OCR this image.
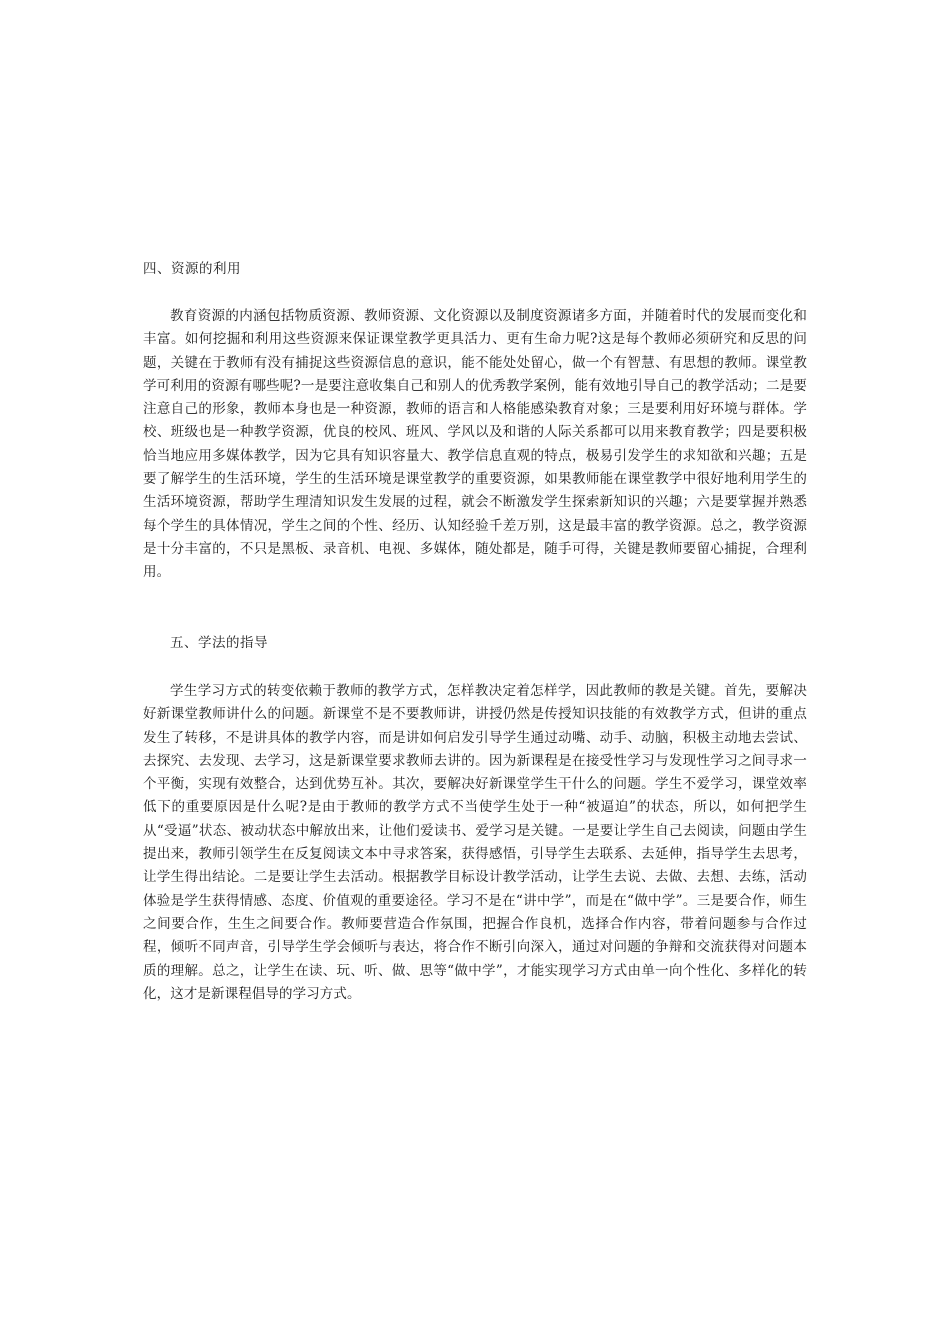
四、资源的利用

教育资源的内涵包括物质资源、教师资源、文化资源以及制度资源诸多方面，并随着时代的发展而变化和丰富。如何挖掘和利用这些资源来保证课堂教学更具活力、更有生命力呢?这是每个教师必须研究和反思的问题，关键在于教师有没有捕捉这些资源信息的意识，能不能处处留心，做一个有智慧、有思想的教师。课堂教学可利用的资源有哪些呢?一是要注意收集自己和别人的优秀教学案例，能有效地引导自己的教学活动；二是要注意自己的形象，教师本身也是一种资源，教师的语言和人格能感染教育对象；三是要利用好环境与群体。学校、班级也是一种教学资源，优良的校风、班风、学风以及和谐的人际关系都可以用来教育教学；四是要积极恰当地应用多媒体教学，因为它具有知识容量大、教学信息直观的特点，极易引发学生的求知欲和兴趣；五是要了解学生的生活环境，学生的生活环境是课堂教学的重要资源，如果教师能在课堂教学中很好地利用学生的生活环境资源，帮助学生理清知识发生发展的过程，就会不断激发学生探索新知识的兴趣；六是要掌握并熟悉每个学生的具体情况，学生之间的个性、经历、认知经验千差万别，这是最丰富的教学资源。总之，教学资源是十分丰富的，不只是黑板、录音机、电视、多媒体，随处都是，随手可得，关键是教师要留心捕捉，合理利用。

五、学法的指导

学生学习方式的转变依赖于教师的教学方式，怎样教决定着怎样学，因此教师的教是关键。首先，要解决好新课堂教师讲什么的问题。新课堂不是不要教师讲，讲授仍然是传授知识技能的有效教学方式，但讲的重点发生了转移，不是讲具体的教学内容，而是讲如何启发引导学生通过动嘴、动手、动脑，积极主动地去尝试、去探究、去发现、去学习，这是新课堂要求教师去讲的。因为新课程是在接受性学习与发现性学习之间寻求一个平衡，实现有效整合，达到优势互补。其次，要解决好新课堂学生干什么的问题。学生不爱学习，课堂效率低下的重要原因是什么呢?是由于教师的教学方式不当使学生处于一种“被逼迫”的状态，所以，如何把学生从“受逼”状态、被动状态中解放出来，让他们爱读书、爱学习是关键。一是要让学生自己去阅读，问题由学生提出来，教师引领学生在反复阅读文本中寻求答案，获得感悟，引导学生去联系、去延伸，指导学生去思考，让学生得出结论。二是要让学生去活动。根据教学目标设计教学活动，让学生去说、去做、去想、去练，活动体验是学生获得情感、态度、价值观的重要途径。学习不是在“讲中学”，而是在“做中学”。三是要合作，师生之间要合作，生生之间要合作。教师要营造合作氛围，把握合作良机，选择合作内容，带着问题参与合作过程，倾听不同声音，引导学生学会倾听与表达，将合作不断引向深入，通过对问题的争辩和交流获得对问题本质的理解。总之，让学生在读、玩、听、做、思等“做中学”，才能实现学习方式由单一向个性化、多样化的转化，这才是新课程倡导的学习方式。
